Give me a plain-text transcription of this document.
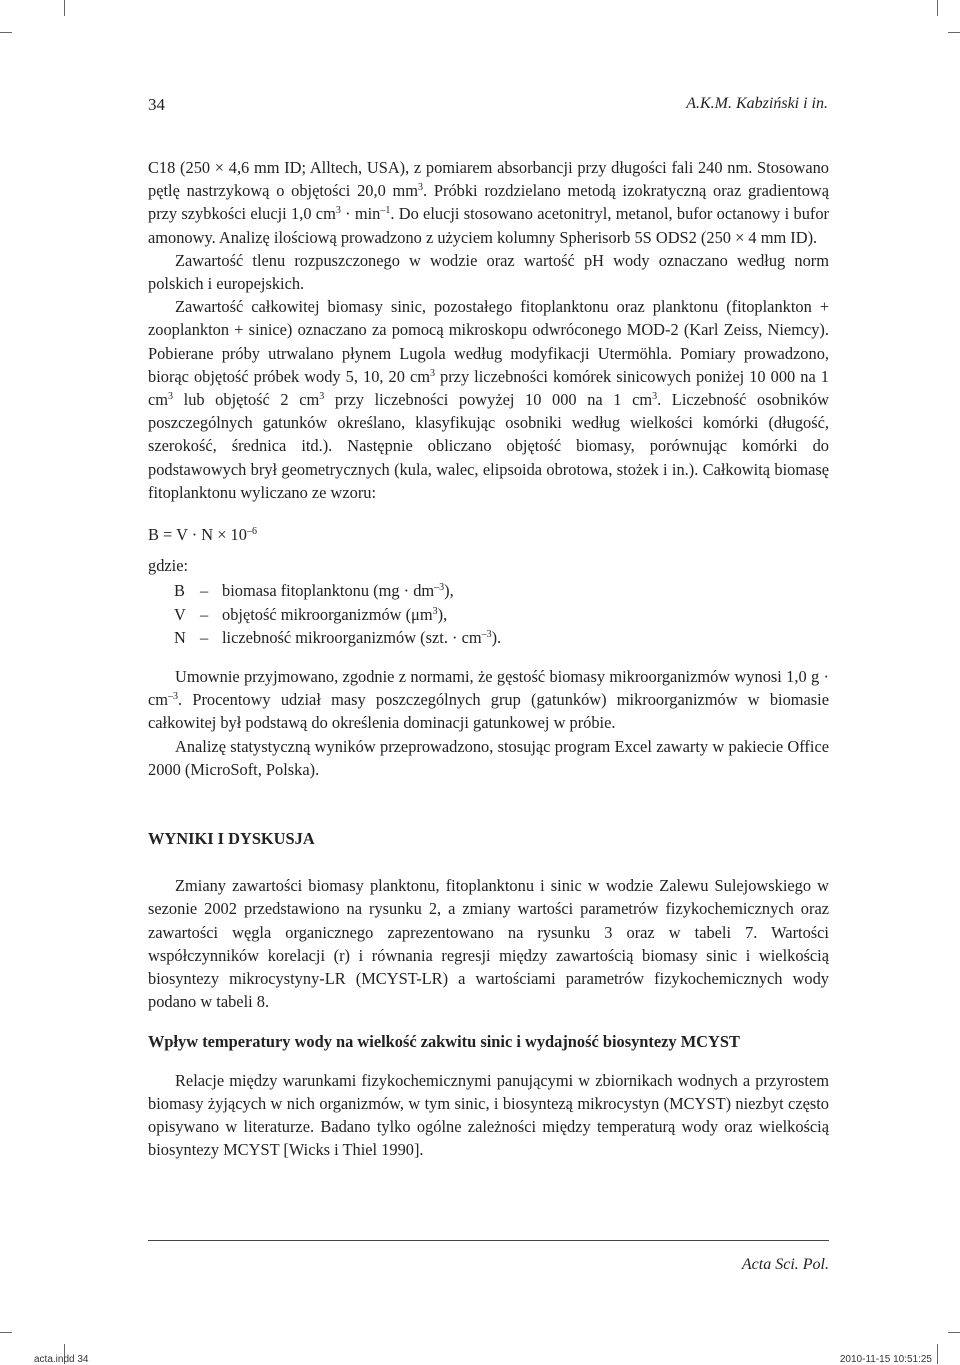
34	A.K.M. Kabziński i in.

C18 (250 × 4,6 mm ID; Alltech, USA), z pomiarem absorbancji przy długości fali 240 nm. Stosowano pętlę nastrzykową o objętości 20,0 $mm^3$. Próbki rozdzielano metodą izokratyczną oraz gradientową przy szybkości elucji 1,0 $cm^3 \cdot \min^{-1}$. Do elucji stosowano acetonitryl, metanol, bufor octanowy i bufor amonowy. Analizę ilościową prowadzono z użyciem kolumny Spherisorb 5S ODS2 (250 × 4 mm ID).

Zawartość tlenu rozpuszczonego w wodzie oraz wartość pH wody oznaczano według norm polskich i europejskich.

Zawartość całkowitej biomasy sinic, pozostałego fitoplanktonu oraz planktonu (fitoplankton + zooplankton + sinice) oznaczano za pomocą mikroskopu odwróconego MOD-2 (Karl Zeiss, Niemcy). Pobierane próby utrwalano płynem Lugola według modyfikacji Utermöhla. Pomiary prowadzono, biorąc objętość próbek wody 5, 10, 20 $cm^3$ przy liczebności komórek sinicowych poniżej 10 000 na 1 $cm^3$ lub objętość 2 $cm^3$ przy liczebności powyżej 10 000 na 1 $cm^3$. Liczebność osobników poszczególnych gatunków określano, klasyfikując osobniki według wielkości komórki (długość, szerokość, średnica itd.). Następnie obliczano objętość biomasy, porównując komórki do podstawowych brył geometrycznych (kula, walec, elipsoida obrotowa, stożek i in.). Całkowitą biomasę fitoplanktonu wyliczano ze wzoru:

$B = V \cdot N \times 10^{-6}$

gdzie:

B – biomasa fitoplanktonu $(mg \cdot dm^{-3})$,
V – objętość mikroorganizmów $(\mu m^3)$,
N – liczebność mikroorganizmów (szt. · $cm^{-3}$).

Umownie przyjmowano, zgodnie z normami, że gęstość biomasy mikroorganizmów wynosi 1,0 $g \cdot cm^{-3}$. Procentowy udział masy poszczególnych grup (gatunków) mikroorganizmów w biomasie całkowitej był podstawą do określenia dominacji gatunkowej w próbie.

Analizę statystyczną wyników przeprowadzono, stosując program Excel zawarty w pakiecie Office 2000 (MicroSoft, Polska).

WYNIKI I DYSKUSJA

Zmiany zawartości biomasy planktonu, fitoplanktonu i sinic w wodzie Zalewu Sulejowskiego w sezonie 2002 przedstawiono na rysunku 2, a zmiany wartości parametrów fizykochemicznych oraz zawartości węgla organicznego zaprezentowano na rysunku 3 oraz w tabeli 7. Wartości współczynników korelacji (r) i równania regresji między zawartością biomasy sinic i wielkością biosyntezy mikrocystyny-LR (MCYST-LR) a wartościami parametrów fizykochemicznych wody podano w tabeli 8.

Wpływ temperatury wody na wielkość zakwitu sinic i wydajność biosyntezy MCYST

Relacje między warunkami fizykochemicznymi panującymi w zbiornikach wodnych a przyrostem biomasy żyjących w nich organizmów, w tym sinic, i biosyntezą mikrocystyn (MCYST) niezbyt często opisywano w literaturze. Badano tylko ogólne zależności między temperaturą wody oraz wielkością biosyntezy MCYST [Wicks i Thiel 1990].

Acta Sci. Pol.
acta.indd 34	2010-11-15 10:51:25
